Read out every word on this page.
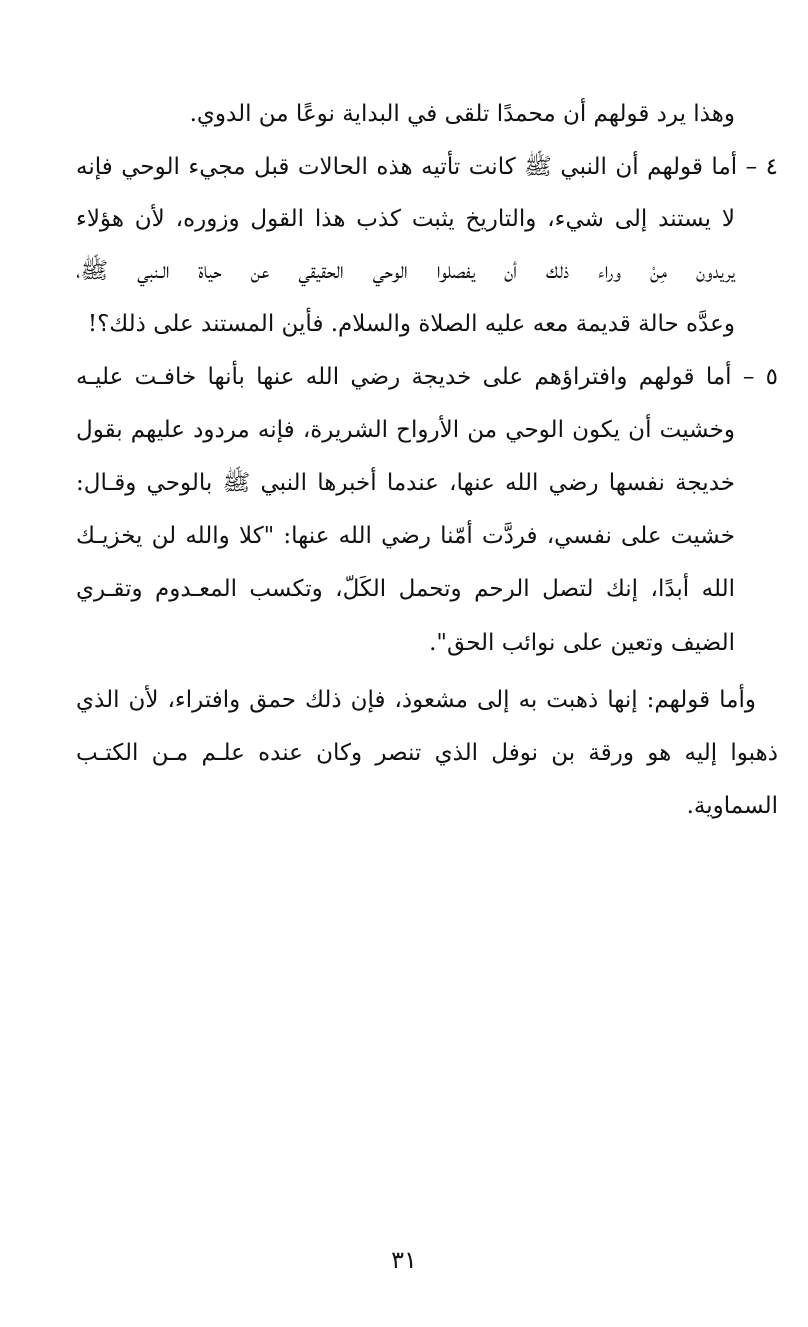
وهذا يرد قولهم أن محمدًا تلقى في البداية نوعًا من الدوي.
٤ – أما قولهم أن النبي ﷺ كانت تأتيه هذه الحالات قبل مجيء الوحي فإنه
لا يستند إلى شيء، والتاريخ يثبت كذب هذا القول وزوره، لأن هؤلاء
يريدون مِنْ وراء ذلك أن يفصلوا الوحي الحقيقي عن حياة الـنبي ﷺ،
وعدَّه حالة قديمة معه عليه الصلاة والسلام. فأين المستند على ذلك؟!
٥ – أما قولهم وافتراؤهم على خديجة رضي الله عنها بأنها خافـت عليـه
وخشيت أن يكون الوحي من الأرواح الشريرة، فإنه مردود عليهم بقول
خديجة نفسها رضي الله عنها، عندما أخبرها النبي ﷺ بالوحي وقـال:
خشيت على نفسي، فردَّت أمّنا رضي الله عنها: "كلا والله لن يخزيـك
الله أبدًا، إنك لتصل الرحم وتحمل الكَلّ، وتكسب المعـدوم وتقـري
الضيف وتعين على نوائب الحق".
وأما قولهم: إنها ذهبت به إلى مشعوذ، فإن ذلك حمق وافتراء، لأن الذي
ذهبوا إليه هو ورقة بن نوفل الذي تنصر وكان عنده علـم مـن الكتـب
السماوية.
٣١
